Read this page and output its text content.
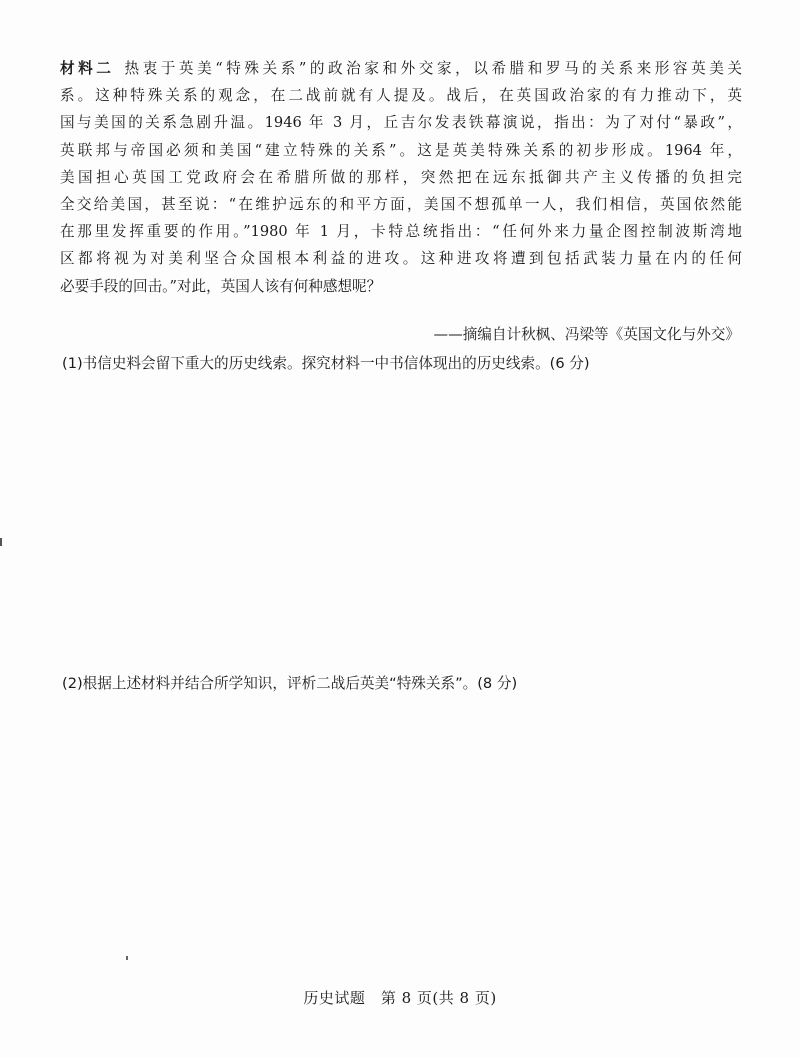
材料二 热衷于英美“特殊关系”的政治家和外交家，以希腊和罗马的关系来形容英美关
系。这种特殊关系的观念，在二战前就有人提及。战后，在英国政治家的有力推动下，英
国与美国的关系急剧升温。1946 年 3 月，丘吉尔发表铁幕演说，指出：为了对付“暴政”，
英联邦与帝国必须和美国“建立特殊的关系”。这是英美特殊关系的初步形成。1964 年，
美国担心英国工党政府会在希腊所做的那样，突然把在远东抵御共产主义传播的负担完
全交给美国，甚至说：“在维护远东的和平方面，美国不想孤单一人，我们相信，英国依然能
在那里发挥重要的作用。”1980 年 1 月，卡特总统指出：“任何外来力量企图控制波斯湾地
区都将视为对美利坚合众国根本利益的进攻。这种进攻将遭到包括武装力量在内的任何
必要手段的回击。”对此，英国人该有何种感想呢？
——摘编自计秋枫、冯梁等《英国文化与外交》
(1)书信史料会留下重大的历史线索。探究材料一中书信体现出的历史线索。(6 分)
(2)根据上述材料并结合所学知识，评析二战后英美“特殊关系”。(8 分)
历史试题　第 8 页(共 8 页)
